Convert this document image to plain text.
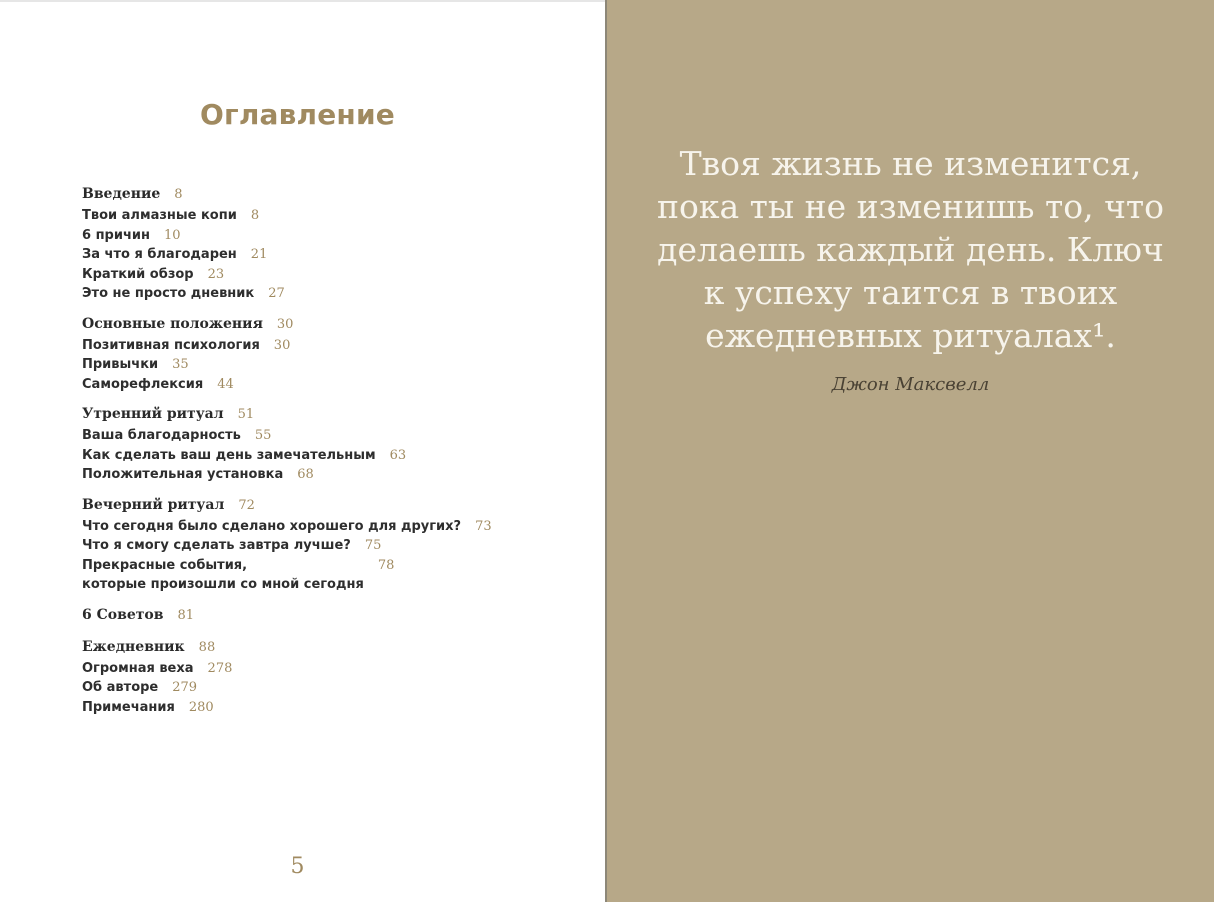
Оглавление
Введение 8
Твои алмазные копи 8
6 причин 10
За что я благодарен 21
Краткий обзор 23
Это не просто дневник 27
Основные положения 30
Позитивная психология 30
Привычки 35
Саморефлексия 44
Утренний ритуал 51
Ваша благодарность 55
Как сделать ваш день замечательным 63
Положительная установка 68
Вечерний ритуал 72
Что сегодня было сделано хорошего для других? 73
Что я смогу сделать завтра лучше? 75
Прекрасные события,
которые произошли со мной сегодня
78
6 Советов 81
Ежедневник 88
Огромная веха 278
Об авторе 279
Примечания 280
5
Твоя жизнь не изменится,
пока ты не изменишь то, что
делаешь каждый день. Ключ
к успеху таится в твоих
ежедневных ритуалах¹.
Джон Максвелл
